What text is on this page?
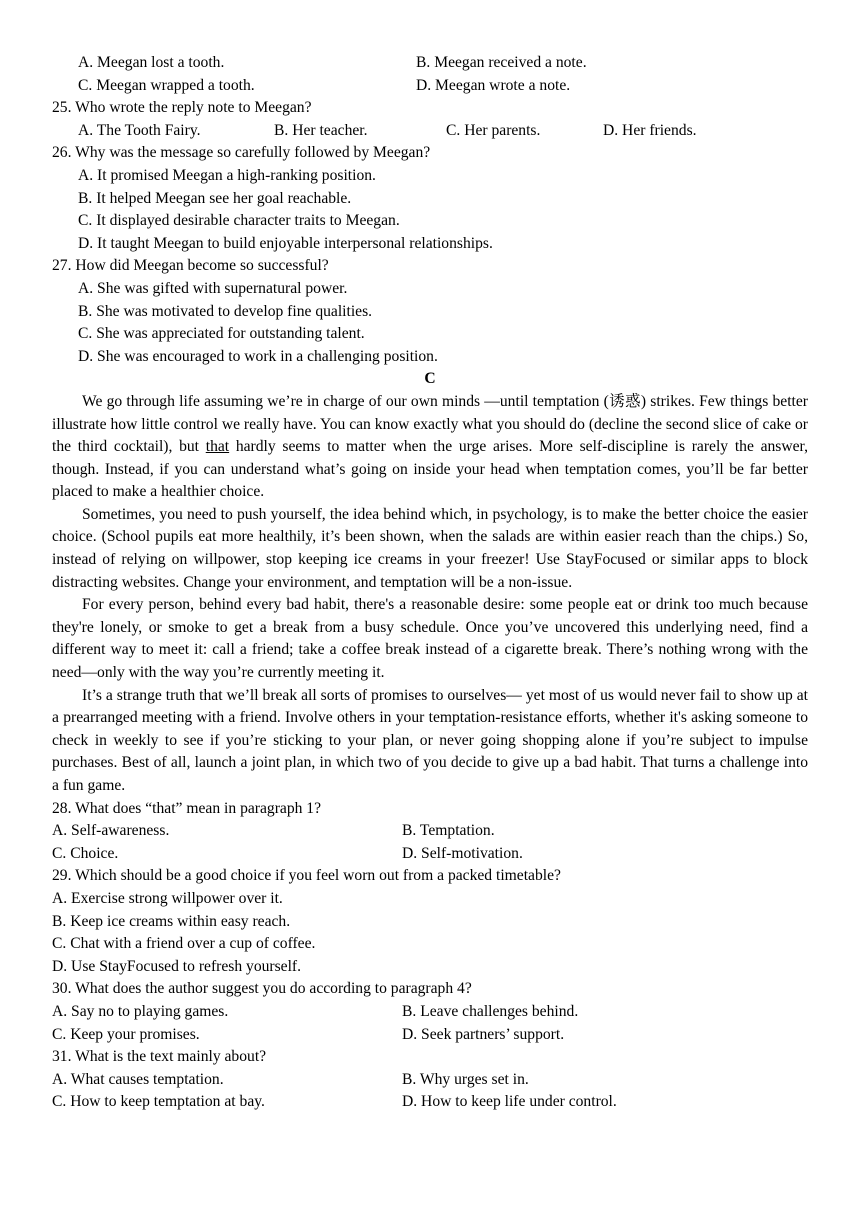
A. Meegan lost a tooth.	B. Meegan received a note.
C. Meegan wrapped a tooth.	D. Meegan wrote a note.
25. Who wrote the reply note to Meegan?
A. The Tooth Fairy.	B. Her teacher.	C. Her parents.	D. Her friends.
26. Why was the message so carefully followed by Meegan?
A. It promised Meegan a high-ranking position.
B. It helped Meegan see her goal reachable.
C. It displayed desirable character traits to Meegan.
D. It taught Meegan to build enjoyable interpersonal relationships.
27. How did Meegan become so successful?
A. She was gifted with supernatural power.
B. She was motivated to develop fine qualities.
C. She was appreciated for outstanding talent.
D. She was encouraged to work in a challenging position.
C

We go through life assuming we’re in charge of our own minds —until temptation (诱惑) strikes. Few things better illustrate how little control we really have. You can know exactly what you should do (decline the second slice of cake or the third cocktail), but that hardly seems to matter when the urge arises. More self-discipline is rarely the answer, though. Instead, if you can understand what’s going on inside your head when temptation comes, you’ll be far better placed to make a healthier choice.

Sometimes, you need to push yourself, the idea behind which, in psychology, is to make the better choice the easier choice. (School pupils eat more healthily, it’s been shown, when the salads are within easier reach than the chips.) So, instead of relying on willpower, stop keeping ice creams in your freezer! Use StayFocused or similar apps to block distracting websites. Change your environment, and temptation will be a non-issue.

For every person, behind every bad habit, there's a reasonable desire: some people eat or drink too much because they're lonely, or smoke to get a break from a busy schedule. Once you’ve uncovered this underlying need, find a different way to meet it: call a friend; take a coffee break instead of a cigarette break. There’s nothing wrong with the need—only with the way you’re currently meeting it.

It’s a strange truth that we’ll break all sorts of promises to ourselves— yet most of us would never fail to show up at a prearranged meeting with a friend. Involve others in your temptation-resistance efforts, whether it's asking someone to check in weekly to see if you’re sticking to your plan, or never going shopping alone if you’re subject to impulse purchases. Best of all, launch a joint plan, in which two of you decide to give up a bad habit. That turns a challenge into a fun game.

28. What does “that” mean in paragraph 1?
A. Self-awareness.	B. Temptation.
C. Choice.	D. Self-motivation.
29. Which should be a good choice if you feel worn out from a packed timetable?
A. Exercise strong willpower over it.
B. Keep ice creams within easy reach.
C. Chat with a friend over a cup of coffee.
D. Use StayFocused to refresh yourself.
30. What does the author suggest you do according to paragraph 4?
A. Say no to playing games.	B. Leave challenges behind.
C. Keep your promises.	D. Seek partners’ support.
31. What is the text mainly about?
A. What causes temptation.	B. Why urges set in.
C. How to keep temptation at bay.	D. How to keep life under control.
